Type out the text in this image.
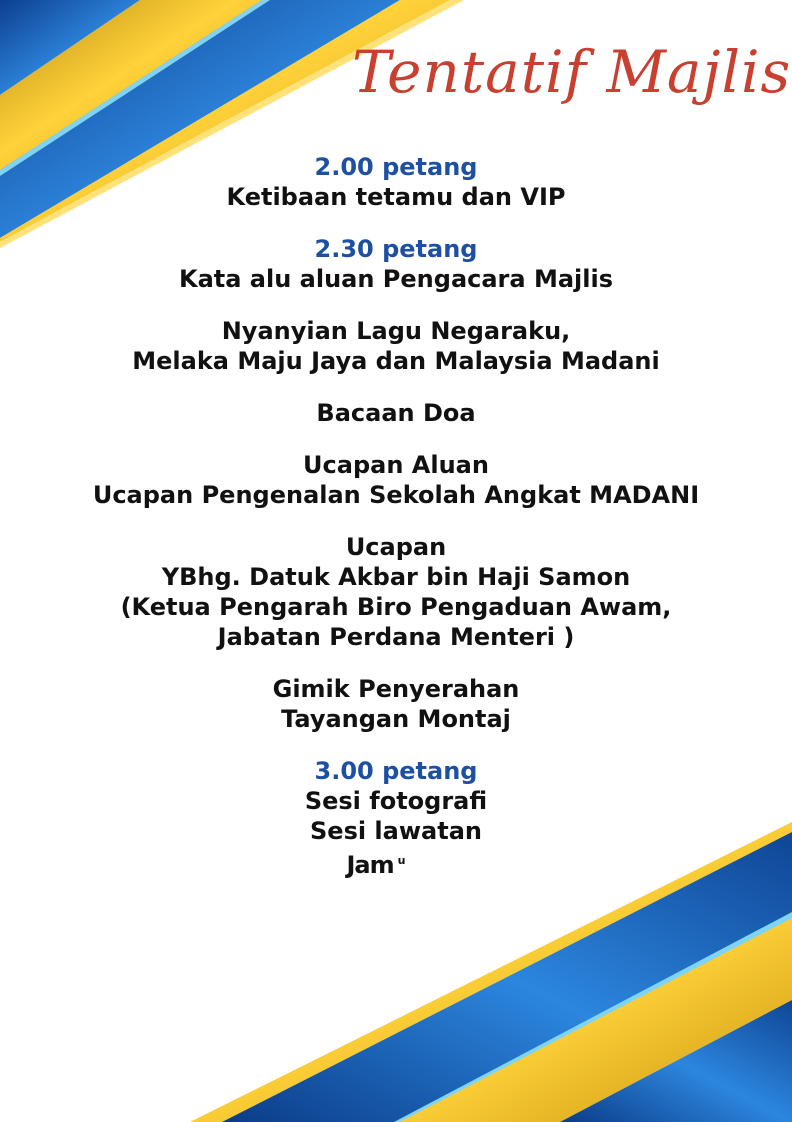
Tentatif Majlis
2.00 petang
Ketibaan tetamu dan VIP
2.30 petang
Kata alu aluan Pengacara Majlis
Nyanyian Lagu Negaraku,
Melaka Maju Jaya dan Malaysia Madani
Bacaan Doa
Ucapan Aluan
Ucapan Pengenalan Sekolah Angkat MADANI
Ucapan
YBhg. Datuk Akbar bin Haji Samon
(Ketua Pengarah Biro Pengaduan Awam,
Jabatan Perdana Menteri )
Gimik Penyerahan
Tayangan Montaj
3.00 petang
Sesi fotografi
Sesi lawatan
Jam $^u$
